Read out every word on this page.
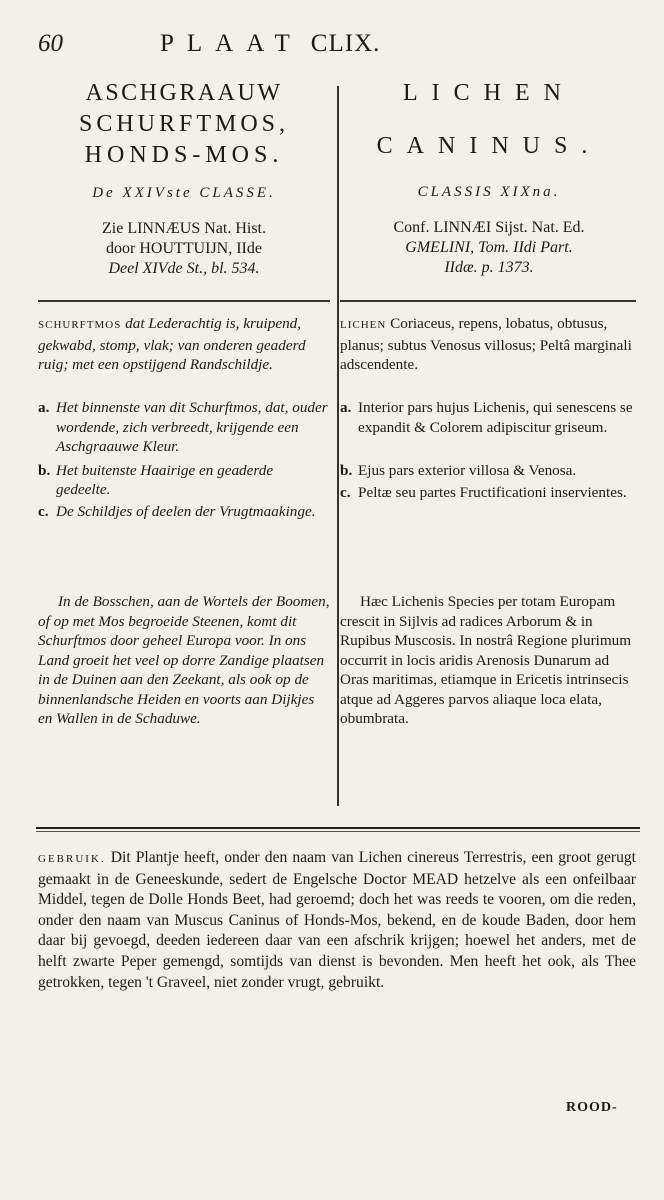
60	PLAAT CLIX.
ASCHGRAAUW
SCHURFTMOS,
HONDS-MOS.
De XXIVste CLASSE.
Zie LINNÆUS Nat. Hist.
door HOUTTUIJN, IIde
Deel XIVde St., bl. 534.
LICHEN
CANINUS.
CLASSIS XIXna.
Conf. LINNÆI Sijst. Nat. Ed.
GMELINI, Tom. IIdi Part.
IIdæ. p. 1373.

SCHURFTMOS dat Lederachtig is, kruipend, gekwabd, stomp, vlak; van onderen geaderd ruig; met een opstijgend Randschildje.

a. Het binnenste van dit Schurftmos, dat, ouder wordende, zich verbreedt, krijgende een Aschgraauwe Kleur.
b. Het buitenste Haairige en geaderde gedeelte.
c. De Schildjes of deelen der Vrugtmaakinge.

In de Bosschen, aan de Wortels der Boomen, of op met Mos begroeide Steenen, komt dit Schurftmos door geheel Europa voor. In ons Land groeit het veel op dorre Zandige plaatsen in de Duinen aan den Zeekant, als ook op de binnenlandsche Heiden en voorts aan Dijkjes en Wallen in de Schaduwe.

LICHEN Coriaceus, repens, lobatus, obtusus, planus; subtus Venosus villosus; Peltâ marginali adscendente.

a. Interior pars hujus Lichenis, qui senescens se expandit & Colorem adipiscitur griseum.
b. Ejus pars exterior villosa & Venosa.
c. Peltæ seu partes Fructificationi inservientes.

Hæc Lichenis Species per totam Europam crescit in Sijlvis ad radices Arborum & in Rupibus Muscosis. In nostrâ Regione plurimum occurrit in locis aridis Arenosis Dunarum ad Oras maritimas, etiamque in Ericetis intrinsecis atque ad Aggeres parvos aliaque loca elata, obumbrata.

GEBRUIK. Dit Plantje heeft, onder den naam van Lichen cinereus Terrestris, een groot gerugt gemaakt in de Geneeskunde, sedert de Engelsche Doctor MEAD hetzelve als een onfeilbaar Middel, tegen de Dolle Honds Beet, had geroemd; doch het was reeds te vooren, om die reden, onder den naam van Muscus Caninus of Honds-Mos, bekend, en de koude Baden, door hem daar bij gevoegd, deeden iedereen daar van een afschrik krijgen; hoewel het anders, met de helft zwarte Peper gemengd, somtijds van dienst is bevonden. Men heeft het ook, als Thee getrokken, tegen 't Graveel, niet zonder vrugt, gebruikt.
ROOD-
